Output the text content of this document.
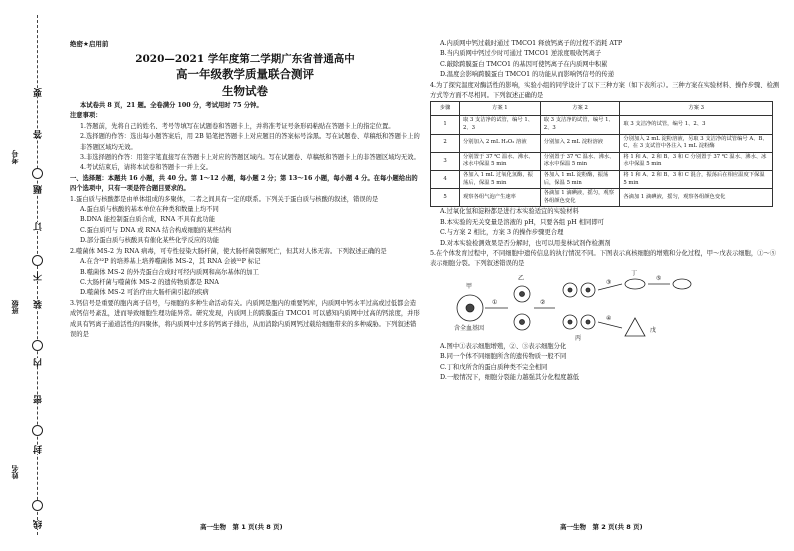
考号
班级
姓名
要
答
题
订
不
装
内
密
封
线
绝密★启用前
2020—2021 学年度第二学期广东省普通高中
高一年级教学质量联合测评
生物试卷

本试卷共 8 页，21 题。全卷满分 100 分，考试用时 75 分钟。

注意事项：

1.答题前，先将自己的姓名、考号等填写在试题卷和答题卡上，并将准考证号条形码粘贴在答题卡上的指定位置。

2.选择题的作答：选出每小题答案后，用 2B 铅笔把答题卡上对应题目的答案标号涂黑。写在试题卷、草稿纸和答题卡上的非答题区域均无效。

3.非选择题的作答：用签字笔直接写在答题卡上对应的答题区域内。写在试题卷、草稿纸和答题卡上的非答题区域均无效。

4.考试结束后，请将本试卷和答题卡一并上交。

一、选择题：本题共 16 小题，共 40 分。第 1～12 小题，每小题 2 分；第 13～16 小题，每小题 4 分。在每小题给出的四个选项中，只有一项是符合题目要求的。

1.蛋白质与核酸都是由单体组成的多聚体，二者之间具有一定的联系。下列关于蛋白质与核酸的叙述，错误的是

A.蛋白质与核酸的基本单位在种类和数量上均不同

B.DNA 能控制蛋白质合成，RNA 不具有此功能

C.蛋白质可与 DNA 或 RNA 结合构成细胞的某些结构

D.部分蛋白质与核酸具有催化某些化学反应的功能

2.噬菌体 MS-2 为 RNA 病毒，可专性侵染大肠杆菌，使大肠杆菌裂解死亡，但其对人体无害。下列叙述正确的是

A.在含³²P 的培养基上培养噬菌体 MS-2，其 RNA 会被³²P 标记

B.噬菌体 MS-2 的外壳蛋白合成时可经内质网和高尔基体的加工

C.大肠杆菌与噬菌体 MS-2 的遗传物质都是 RNA

D.噬菌体 MS-2 可治疗由大肠杆菌引起的疾病

3.钙信号是重要的胞内离子信号，与细胞的多种生命活动有关。内质网是胞内的重要钙库，内质网中钙水平过高或过低都会造成钙信号紊乱，进而导致细胞生理功能异常。研究发现，内质网上的跨膜蛋白 TMCO1 可以感知内质网中过高的钙浓度，并形成具有钙离子通道活性的四聚体，将内质网中过多的钙离子排出，从而消除内质网钙过载给细胞带来的多种威胁。下列叙述错误的是

高一生物　第 1 页(共 8 页)

A.内质网中钙过载时通过 TMCO1 释放钙离子的过程不消耗 ATP

B.当内质网中钙过少时可通过 TMCO1 逆浓度吸收钙离子

C.敲除跨膜蛋白 TMCO1 的基因可使钙离子在内质网中积累

D.温度会影响跨膜蛋白 TMCO1 的功能从而影响钙信号的传递

4.为了探究温度对酶活性的影响，实验小组的同学设计了以下三种方案（如下表所示）。三种方案在实验材料、操作步骤、检测方式等方面不尽相同。下列叙述正确的是

步骤	方案 1	方案 2	方案 3
1	取 3 支洁净的试管，编号 1、2、3	取 3 支洁净的试管，编号 1、2、3	取 3 支洁净的试管，编号 1、2、3
2	分别加入 2 mL H₂O₂ 溶液	分别加入 2 mL 淀粉溶液	分别加入 2 mL 淀粉溶液，另取 3 支洁净的试管编号 A、B、C，在 3 支试管中各注入 1 mL 淀粉酶
3	分别置于 37 ℃ 温水、沸水、冰水中保温 5 min	分别置于 37 ℃ 温水、沸水、冰水中保温 5 min	将 1 和 A、2 和 B、3 和 C 分别置于 37 ℃ 温水、沸水、冰水中保温 5 min
4	各加入 1 mL 过氧化氢酶，振荡后，保温 5 min	各加入 1 mL 淀粉酶，振荡后，保温 5 min	将 1 和 A、2 和 B、3 和 C 混合，振荡后在相应温度下保温 5 min
5	观察各组气泡产生速率	各滴加 1 滴碘液，摇匀，观察各组颜色变化	各滴加 1 滴碘液，摇匀，观察各组颜色变化

A.过氧化氢和淀粉都是进行本实验适宜的实验材料

B.本实验的无关变量是溶液的 pH，只要各组 pH 相同即可

C.与方案 2 相比，方案 3 的操作步骤更合理

D.对本实验检测效果是否分解时，也可以用斐林试剂作检测剂

5.在个体发育过程中，不同细胞中遗传信息的执行情况不同。下图表示真核细胞的增殖和分化过程，甲～戊表示细胞，①～⑤表示细胞分裂。下列叙述错误的是

甲
乙
丙
丁
戊
含全血基因
①	②
③
④
⑤

A.图中①表示细胞增殖，②、③表示细胞分化

B.同一个体不同细胞所含的遗传物质一般不同

C.丁和戊所含的蛋白质种类不完全相同

D.一般情况下，细胞分裂能力越强其分化程度越低

高一生物　第 2 页(共 8 页)
